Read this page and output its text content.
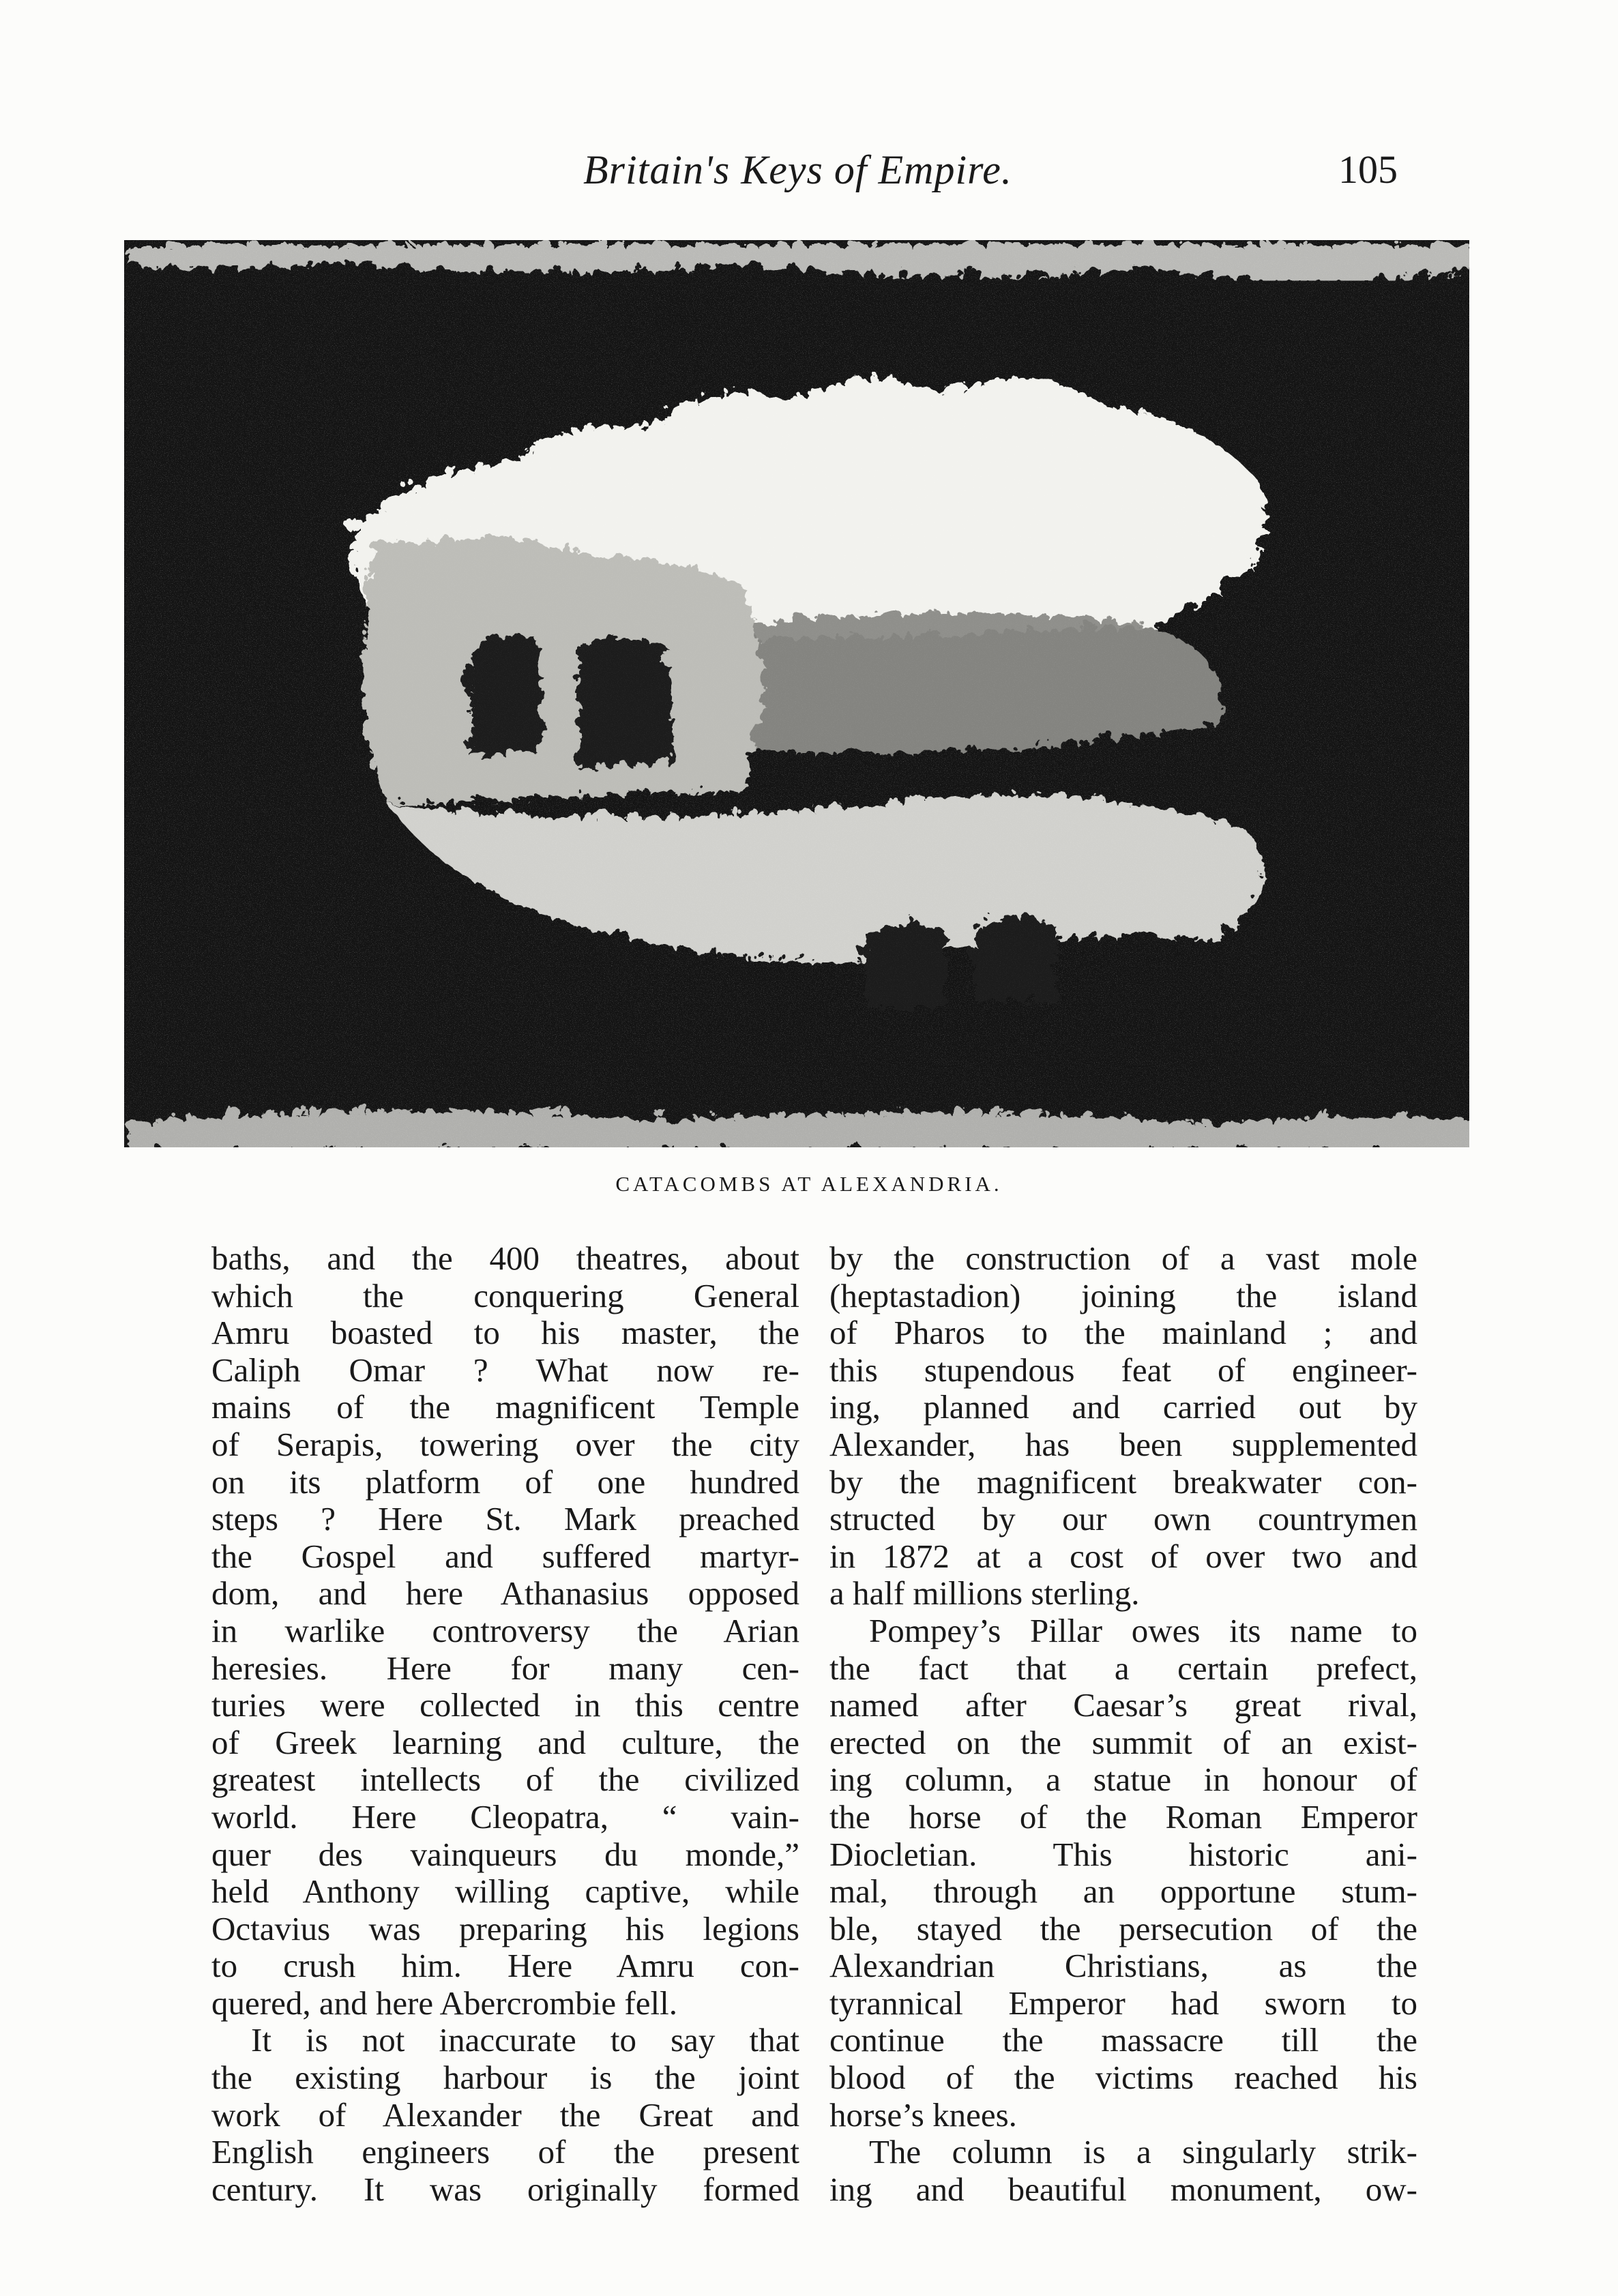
Britain's Keys of Empire.	105
CATACOMBS AT ALEXANDRIA.
baths, and the 400 theatres, about
which the conquering General
Amru boasted to his master, the
Caliph Omar ? What now re-
mains of the magnificent Temple
of Serapis, towering over the city
on its platform of one hundred
steps ? Here St. Mark preached
the Gospel and suffered martyr-
dom, and here Athanasius opposed
in warlike controversy the Arian
heresies. Here for many cen-
turies were collected in this centre
of Greek learning and culture, the
greatest intellects of the civilized
world. Here Cleopatra, “ vain-
quer des vainqueurs du monde,”
held Anthony willing captive, while
Octavius was preparing his legions
to crush him. Here Amru con-
quered, and here Abercrombie fell.
It is not inaccurate to say that
the existing harbour is the joint
work of Alexander the Great and
English engineers of the present
century. It was originally formed
by the construction of a vast mole
(heptastadion) joining the island
of Pharos to the mainland ; and
this stupendous feat of engineer-
ing, planned and carried out by
Alexander, has been supplemented
by the magnificent breakwater con-
structed by our own countrymen
in 1872 at a cost of over two and
a half millions sterling.
Pompey’s Pillar owes its name to
the fact that a certain prefect,
named after Caesar’s great rival,
erected on the summit of an exist-
ing column, a statue in honour of
the horse of the Roman Emperor
Diocletian. This historic ani-
mal, through an opportune stum-
ble, stayed the persecution of the
Alexandrian Christians, as the
tyrannical Emperor had sworn to
continue the massacre till the
blood of the victims reached his
horse’s knees.
The column is a singularly strik-
ing and beautiful monument, ow-
